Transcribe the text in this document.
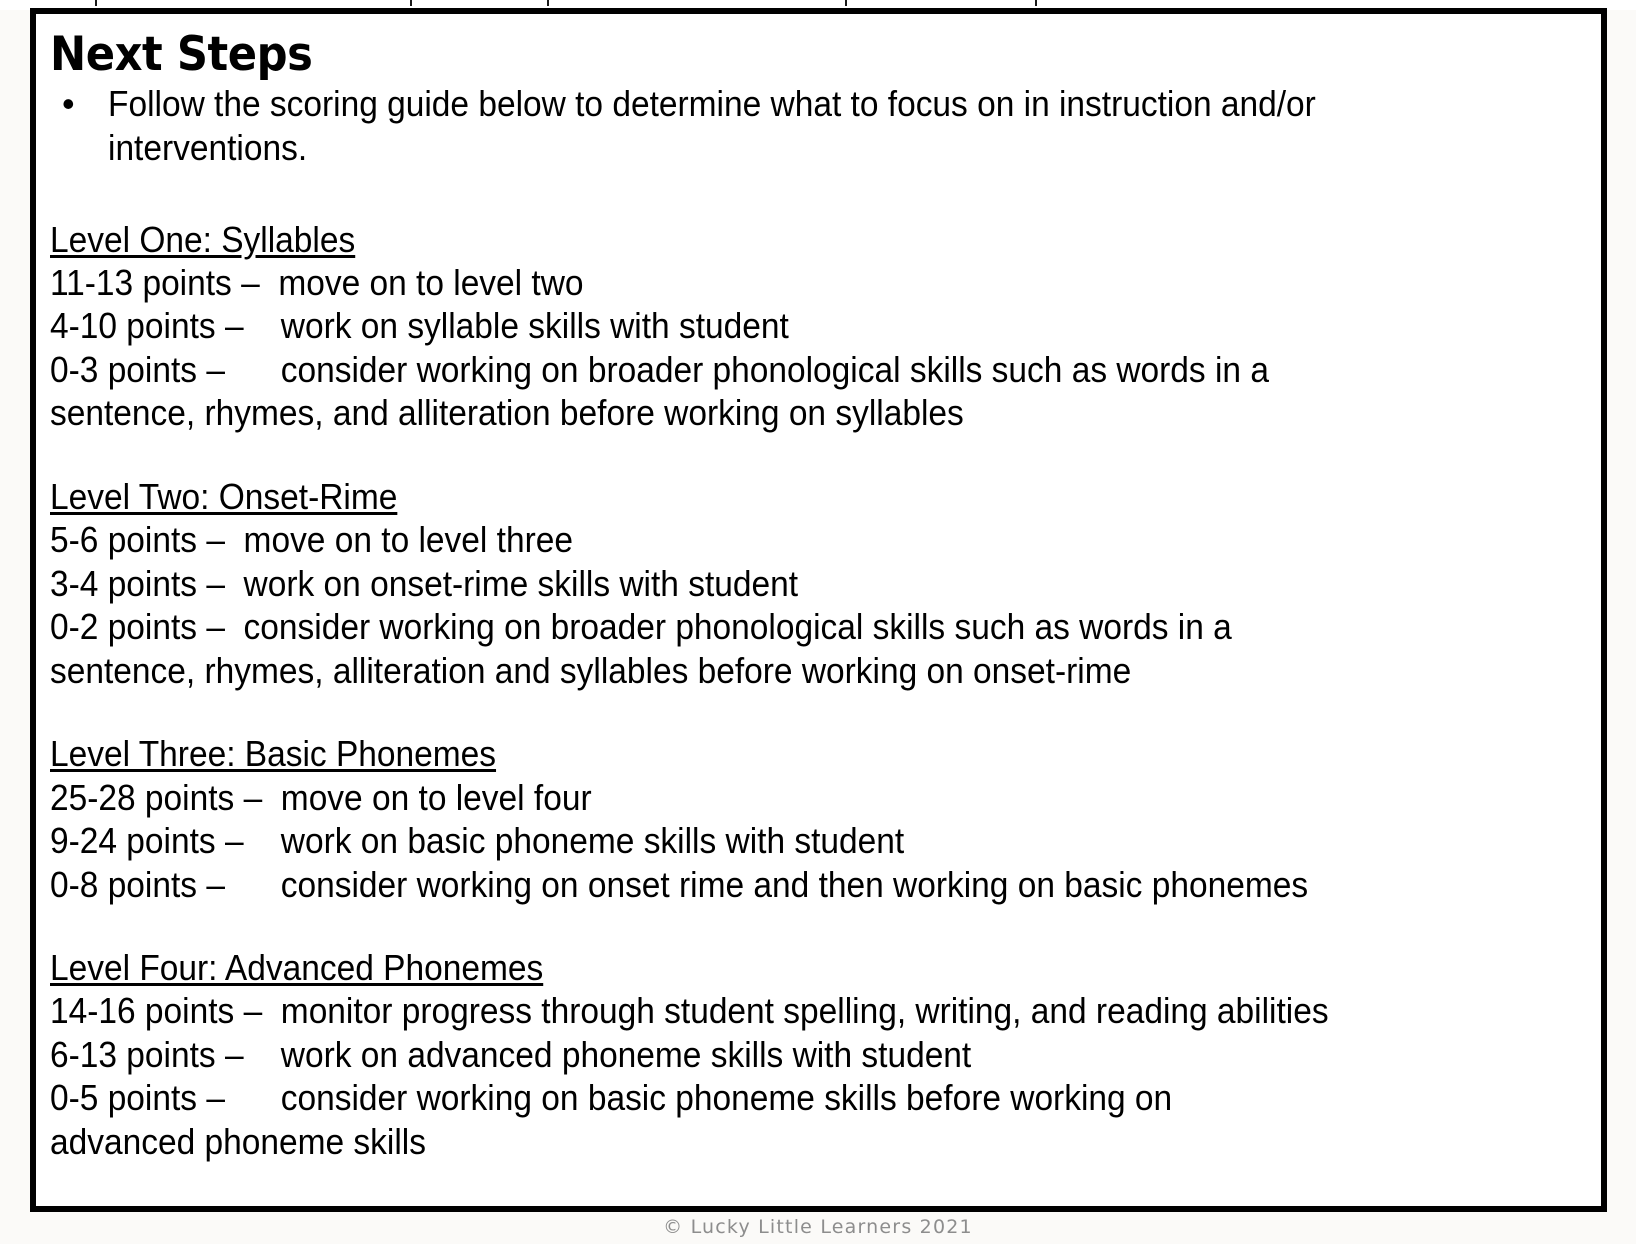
Next Steps
• Follow the scoring guide below to determine what to focus on in instruction and/or interventions.
Level One: Syllables

11-13 points –  move on to level two

4-10 points –    work on syllable skills with student

0-3 points –      consider working on broader phonological skills such as words in a

sentence, rhymes, and alliteration before working on syllables

Level Two: Onset-Rime

5-6 points –  move on to level three

3-4 points –  work on onset-rime skills with student

0-2 points –  consider working on broader phonological skills such as words in a

sentence, rhymes, alliteration and syllables before working on onset-rime

Level Three: Basic Phonemes

25-28 points –  move on to level four

9-24 points –    work on basic phoneme skills with student

0-8 points –      consider working on onset rime and then working on basic phonemes

Level Four: Advanced Phonemes

14-16 points –  monitor progress through student spelling, writing, and reading abilities

6-13 points –    work on advanced phoneme skills with student

0-5 points –      consider working on basic phoneme skills before working on

advanced phoneme skills

© Lucky Little Learners 2021
